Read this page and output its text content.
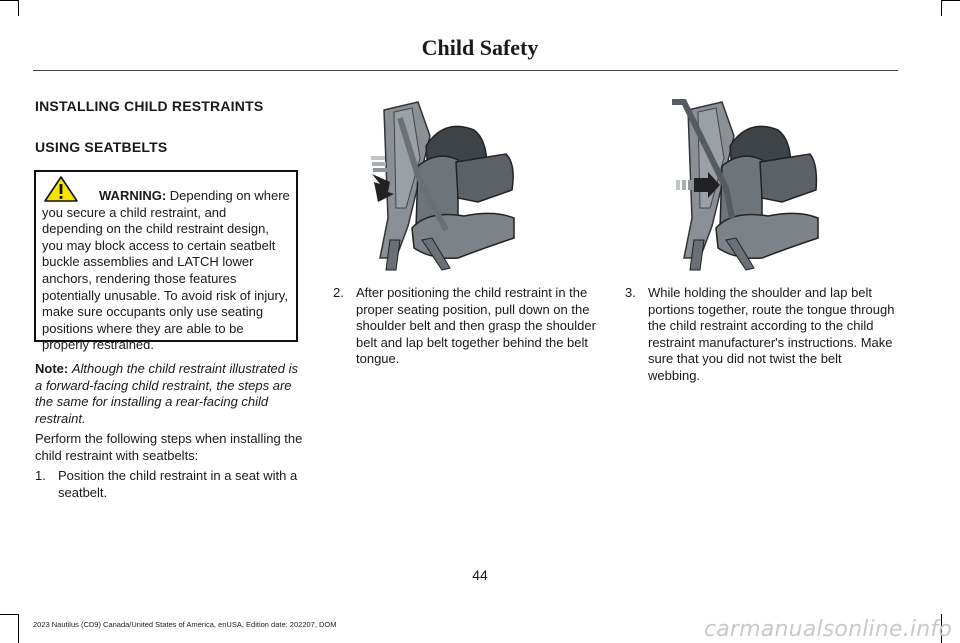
Child Safety
INSTALLING CHILD RESTRAINTS
USING SEATBELTS
WARNING: Depending on where you secure a child restraint, and depending on the child restraint design, you may block access to certain seatbelt buckle assemblies and LATCH lower anchors, rendering those features potentially unusable. To avoid risk of injury, make sure occupants only use seating positions where they are able to be properly restrained.
Note: Although the child restraint illustrated is a forward-facing child restraint, the steps are the same for installing a rear-facing child restraint.
Perform the following steps when installing the child restraint with seatbelts:
1. Position the child restraint in a seat with a seatbelt.
2. After positioning the child restraint in the proper seating position, pull down on the shoulder belt and then grasp the shoulder belt and lap belt together behind the belt tongue.
3. While holding the shoulder and lap belt portions together, route the tongue through the child restraint according to the child restraint manufacturer's instructions. Make sure that you did not twist the belt webbing.
44
2023 Nautilus (CD9) Canada/United States of America, enUSA, Edition date: 202207, DOM	carmanualsonline.info
